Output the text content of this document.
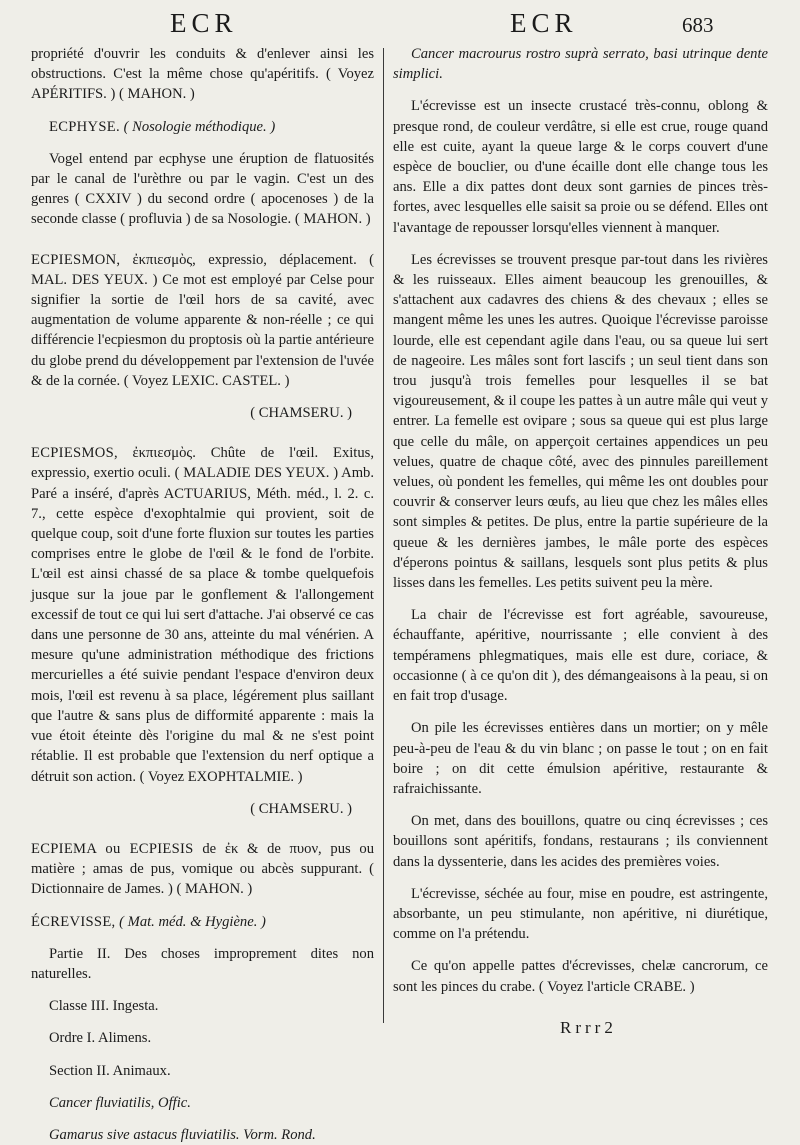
ECR	ECR	683

propriété d'ouvrir les conduits & d'enlever ainsi les obstructions. C'est la même chose qu'apéritifs. ( Voyez APÉRITIFS. ) ( MAHON. )

ECPHYSE. ( Nosologie méthodique. )

Vogel entend par ecphyse une éruption de flatuosités par le canal de l'urèthre ou par le vagin. C'est un des genres ( CXXIV ) du second ordre ( apocenoses ) de la seconde classe ( profluvia ) de sa Nosologie. ( MAHON. )

ECPIESMON, ἐκπιεσμὸς, expressio, déplacement. ( MAL. DES YEUX. ) Ce mot est employé par Celse pour signifier la sortie de l'œil hors de sa cavité, avec augmentation de volume apparente & non-réelle ; ce qui différencie l'ecpiesmon du proptosis où la partie antérieure du globe prend du développement par l'extension de l'uvée & de la cornée. ( Voyez LEXIC. CASTEL. )

( CHAMSERU. )

ECPIESMOS, ἐκπιεσμὸς. Chûte de l'œil. Exitus, expressio, exertio oculi. ( MALADIE DES YEUX. ) Amb. Paré a inséré, d'après ACTUARIUS, Méth. méd., l. 2. c. 7., cette espèce d'exophtalmie qui provient, soit de quelque coup, soit d'une forte fluxion sur toutes les parties comprises entre le globe de l'œil & le fond de l'orbite. L'œil est ainsi chassé de sa place & tombe quelquefois jusque sur la joue par le gonflement & l'allongement excessif de tout ce qui lui sert d'attache. J'ai observé ce cas dans une personne de 30 ans, atteinte du mal vénérien. A mesure qu'une administration méthodique des frictions mercurielles a été suivie pendant l'espace d'environ deux mois, l'œil est revenu à sa place, légérement plus saillant que l'autre & sans plus de difformité apparente : mais la vue étoit éteinte dès l'origine du mal & ne s'est point rétablie. Il est probable que l'extension du nerf optique a détruit son action. ( Voyez EXOPHTALMIE. )

( CHAMSERU. )

ECPIEMA ou ECPIESIS de ἐκ & de πυον, pus ou matière ; amas de pus, vomique ou abcès suppurant. ( Dictionnaire de James. ) ( MAHON. )

ÉCREVISSE, ( Mat. méd. & Hygiène. )

Partie II. Des choses improprement dites non naturelles.

Classe III. Ingesta.

Ordre I. Alimens.

Section II. Animaux.

Cancer fluviatilis, Offic.

Gamarus sive astacus fluviatilis. Vorm. Rond.

Cancer macrourus rostro suprà serrato, basi utrinque dente simplici.

L'écrevisse est un insecte crustacé très-connu, oblong & presque rond, de couleur verdâtre, si elle est crue, rouge quand elle est cuite, ayant la queue large & le corps couvert d'une espèce de bouclier, ou d'une écaille dont elle change tous les ans. Elle a dix pattes dont deux sont garnies de pinces très-fortes, avec lesquelles elle saisit sa proie ou se défend. Elles ont l'avantage de repousser lorsqu'elles viennent à manquer.

Les écrevisses se trouvent presque par-tout dans les rivières & les ruisseaux. Elles aiment beaucoup les grenouilles, & s'attachent aux cadavres des chiens & des chevaux ; elles se mangent même les unes les autres. Quoique l'écrevisse paroisse lourde, elle est cependant agile dans l'eau, ou sa queue lui sert de nageoire. Les mâles sont fort lascifs ; un seul tient dans son trou jusqu'à trois femelles pour lesquelles il se bat vigoureusement, & il coupe les pattes à un autre mâle qui veut y entrer. La femelle est ovipare ; sous sa queue qui est plus large que celle du mâle, on apperçoit certaines appendices un peu velues, quatre de chaque côté, avec des pinnules pareillement velues, où pondent les femelles, qui même les ont doubles pour couvrir & conserver leurs œufs, au lieu que chez les mâles elles sont simples & petites. De plus, entre la partie supérieure de la queue & les dernières jambes, le mâle porte des espèces d'éperons pointus & saillans, lesquels sont plus petits & plus lisses dans les femelles. Les petits suivent peu la mère.

La chair de l'écrevisse est fort agréable, savoureuse, échauffante, apéritive, nourrissante ; elle convient à des tempéramens phlegmatiques, mais elle est dure, coriace, & occasionne ( à ce qu'on dit ), des démangeaisons à la peau, si on en fait trop d'usage.

On pile les écrevisses entières dans un mortier; on y mêle peu-à-peu de l'eau & du vin blanc ; on passe le tout ; on en fait boire ; on dit cette émulsion apéritive, restaurante & rafraichissante.

On met, dans des bouillons, quatre ou cinq écrevisses ; ces bouillons sont apéritifs, fondans, restaurans ; ils conviennent dans la dyssenterie, dans les acides des premières voies.

L'écrevisse, séchée au four, mise en poudre, est astringente, absorbante, un peu stimulante, non apéritive, ni diurétique, comme on l'a prétendu.

Ce qu'on appelle pattes d'écrevisses, chelæ cancrorum, ce sont les pinces du crabe. ( Voyez l'article CRABE. )

Rrrr2
